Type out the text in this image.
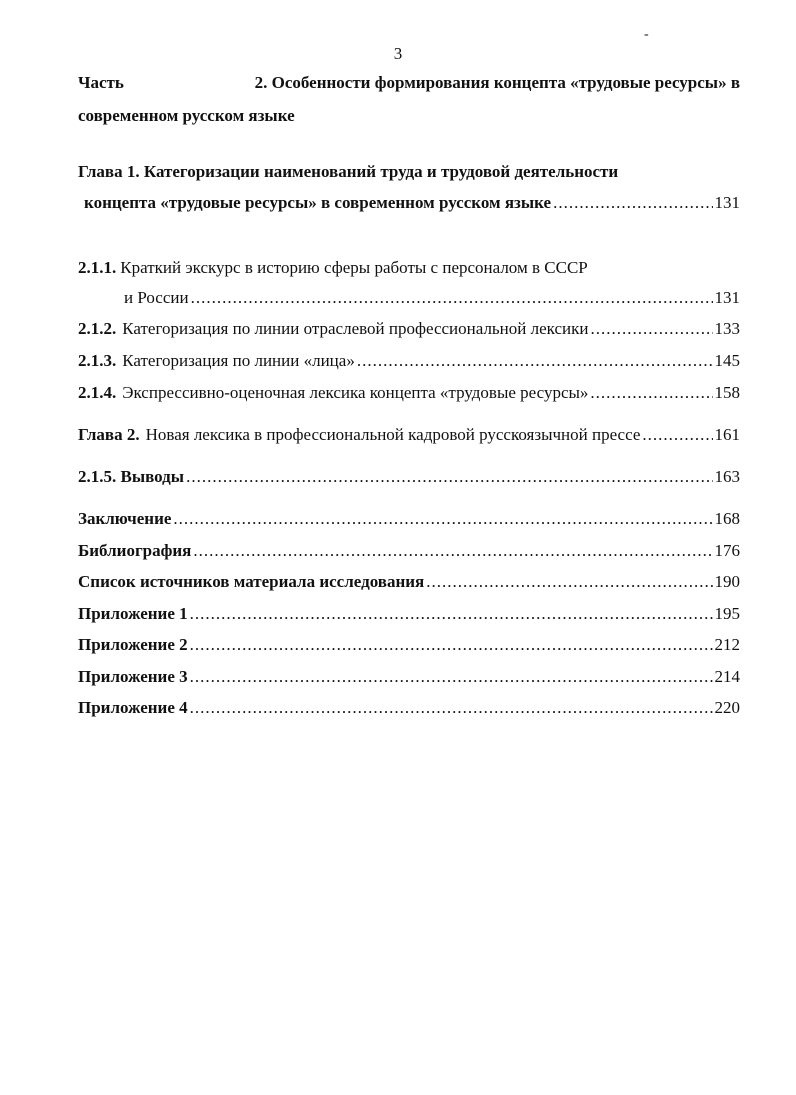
-
3
Часть	2. Особенности формирования концепта «трудовые ресурсы» в
современном русском языке
Глава 1. Категоризации наименований труда и трудовой деятельности
концепта «трудовые ресурсы» в современном русском языке .....	131
2.1.1. Краткий экскурс в историю сферы работы с персоналом в СССР
и России .....	131
2.1.2. Категоризация по линии отраслевой профессиональной лексики .....	133
2.1.3. Категоризация по линии «лица» .....	145
2.1.4. Экспрессивно-оценочная лексика концепта «трудовые ресурсы» .....	158
Глава 2. Новая лексика в профессиональной кадровой русскоязычной прессе .....	161
2.1.5. Выводы .....	163
Заключение .....	168
Библиография .....	176
Список источников материала исследования .....	190
Приложение 1 .....	195
Приложение 2 .....	212
Приложение 3 .....	214
Приложение 4 .....	220
